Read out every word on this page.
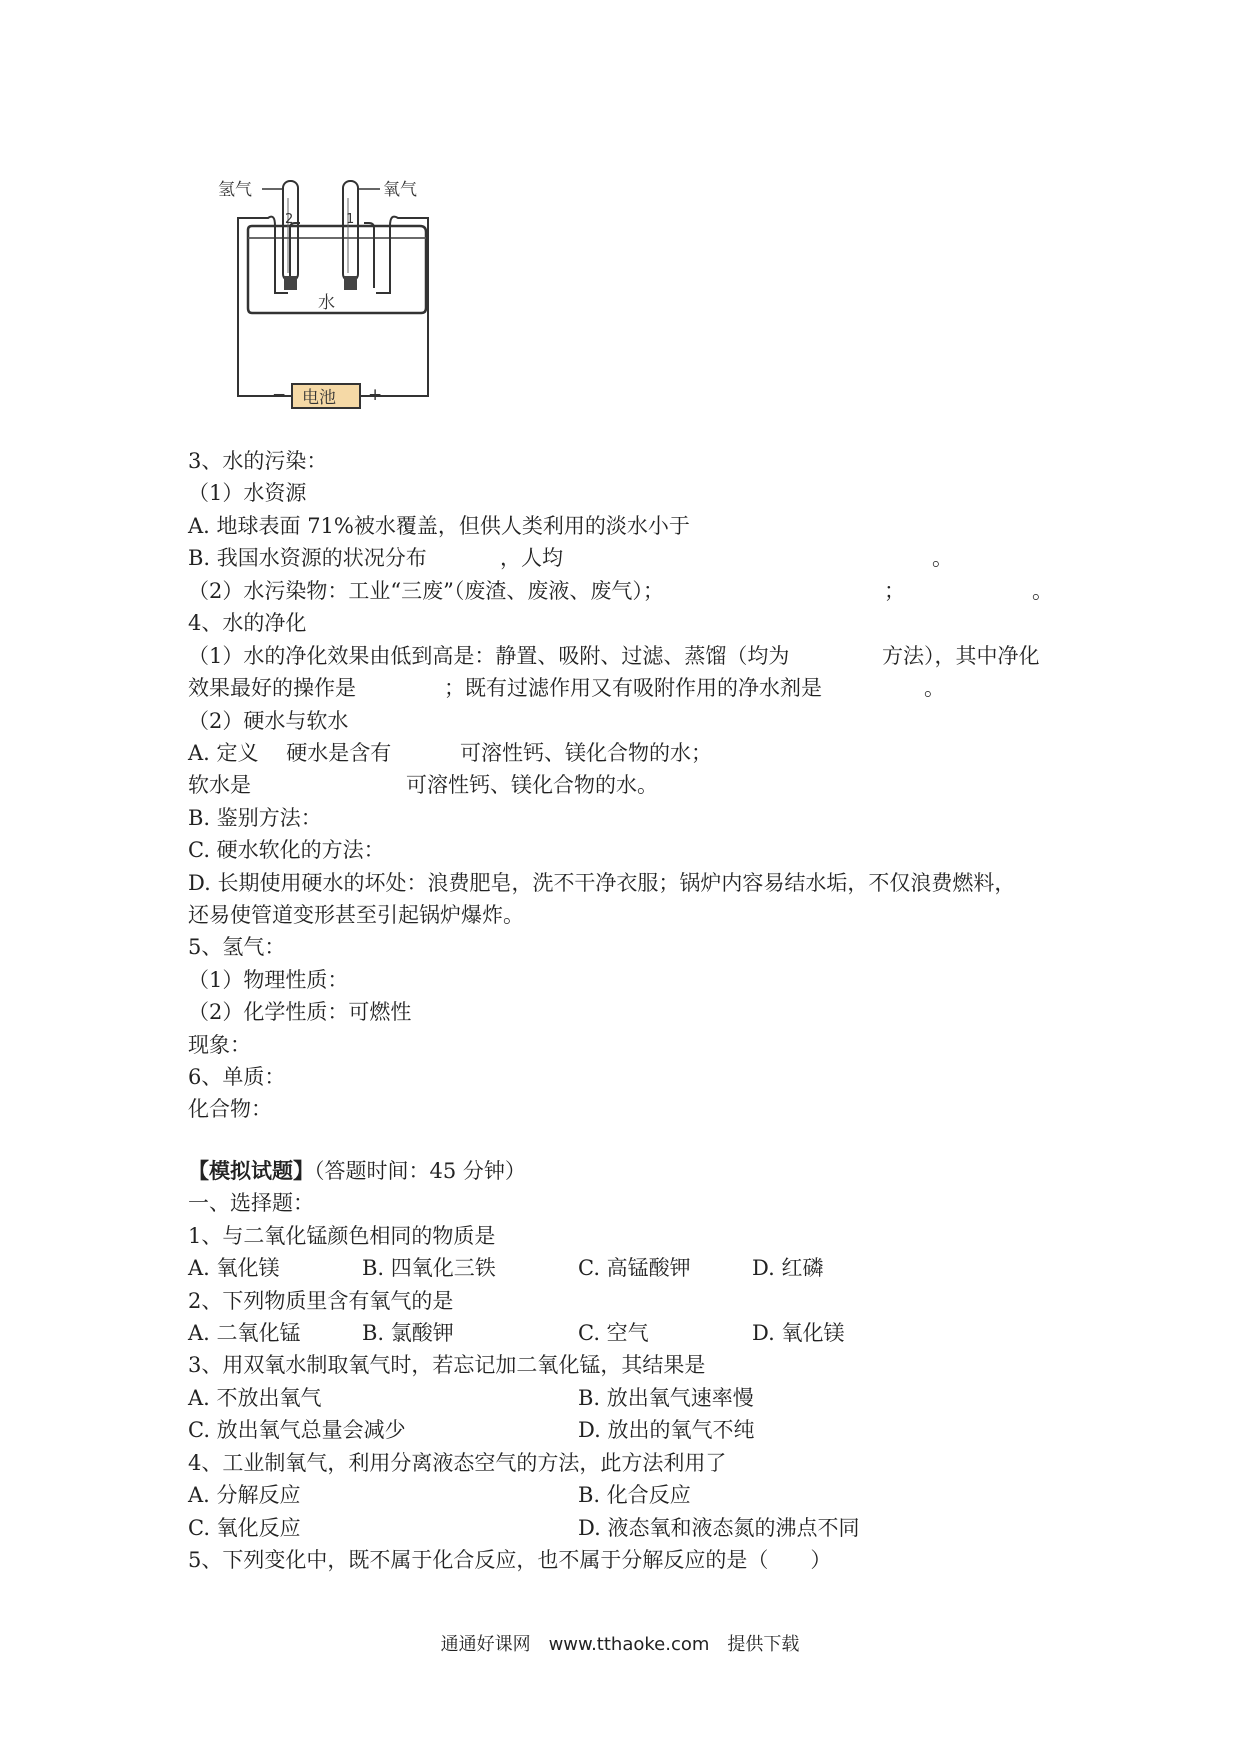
氢气	氧气
水
电池
−	+
2	1
3、水的污染：
（1）水资源
A. 地球表面 71%被水覆盖，但供人类利用的淡水小于
B. 我国水资源的状况分布	，人均	。
（2）水污染物：工业“三废”（废渣、废液、废气）；	；	。
4、水的净化
（1）水的净化效果由低到高是：静置、吸附、过滤、蒸馏（均为	方法），其中净化
效果最好的操作是	；既有过滤作用又有吸附作用的净水剂是	。
（2）硬水与软水
A. 定义　 硬水是含有	可溶性钙、镁化合物的水；
软水是	可溶性钙、镁化合物的水。
B. 鉴别方法：
C. 硬水软化的方法：
D. 长期使用硬水的坏处：浪费肥皂，洗不干净衣服；锅炉内容易结水垢，不仅浪费燃料，
还易使管道变形甚至引起锅炉爆炸。
5、氢气：
（1）物理性质：
（2）化学性质：可燃性
现象：
6、单质：
化合物：
【模拟试题】（答题时间：45 分钟）
一、选择题：
1、与二氧化锰颜色相同的物质是
A. 氧化镁	B. 四氧化三铁	C. 高锰酸钾	D. 红磷
2、下列物质里含有氧气的是
A. 二氧化锰	B. 氯酸钾	C. 空气	D. 氧化镁
3、用双氧水制取氧气时，若忘记加二氧化锰，其结果是
A. 不放出氧气	B. 放出氧气速率慢
C. 放出氧气总量会减少	D. 放出的氧气不纯
4、工业制氧气，利用分离液态空气的方法，此方法利用了
A. 分解反应	B. 化合反应
C. 氧化反应	D. 液态氧和液态氮的沸点不同
5、下列变化中，既不属于化合反应，也不属于分解反应的是（　　）
通通好课网　www.tthaoke.com　提供下载
